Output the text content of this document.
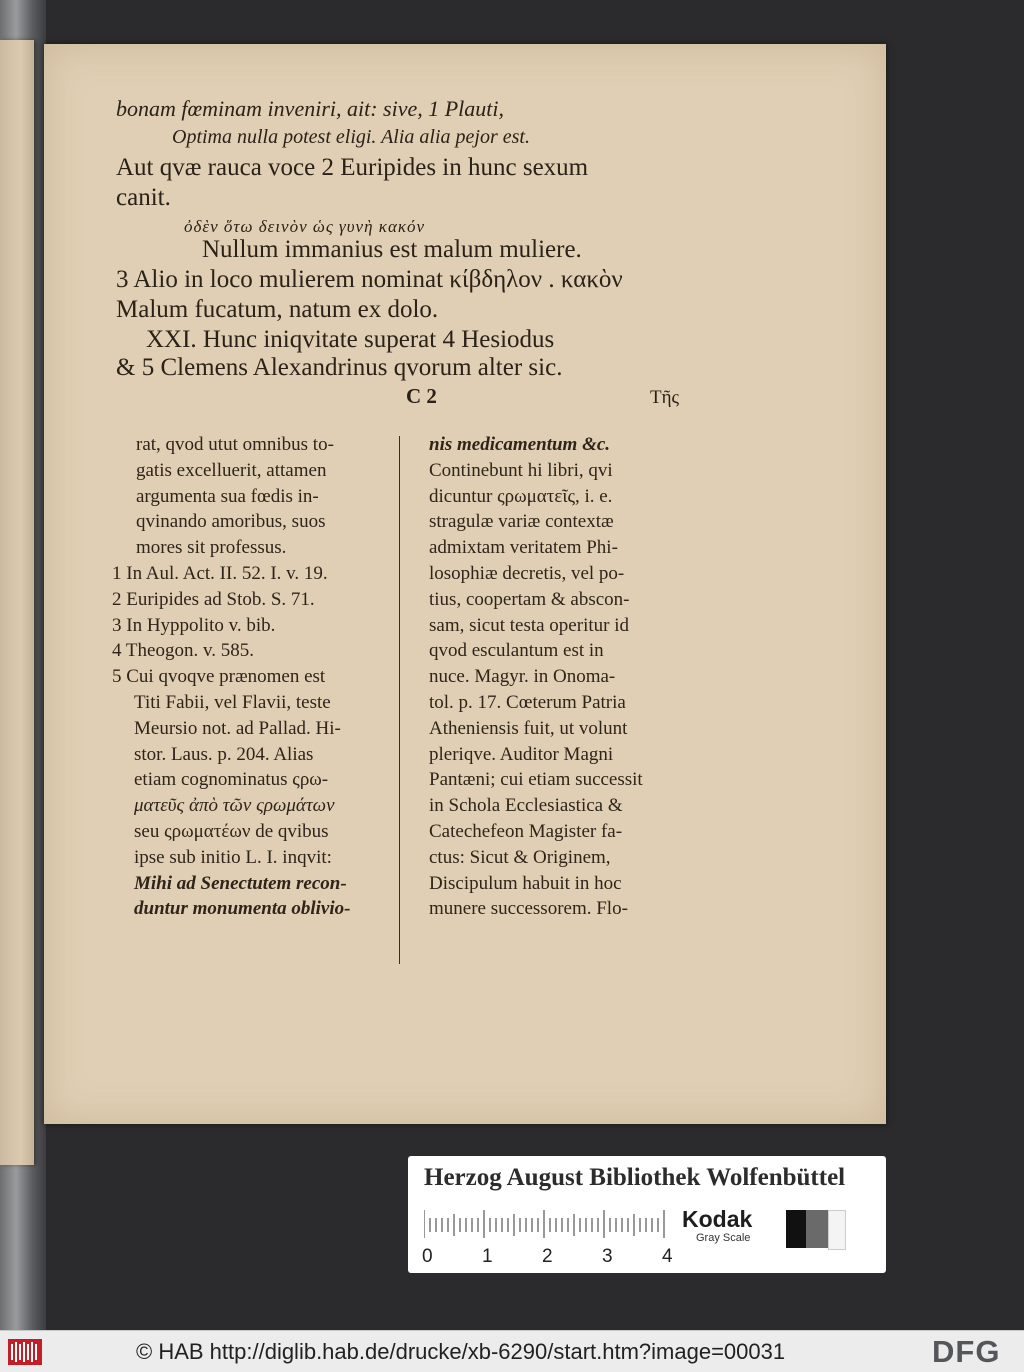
bonam fœminam inveniri, ait: sive, 1 Plauti,
Optima nulla potest eligi. Alia alia pejor est.
Aut qvæ rauca voce 2 Euripides in hunc sexum
canit.
ὀδὲν ὅτω δεινὸν ὡς γυνὴ κακόν
Nullum immanius est malum muliere.
3 Alio in loco mulierem nominat κίβδηλον . κακὸν
Malum fucatum, natum ex dolo.
XXI. Hunc iniqvitate superat 4 Hesiodus
& 5 Clemens Alexandrinus qvorum alter sic.
C 2	Τῆς
rat, qvod utut omnibus to-
gatis excelluerit, attamen
argumenta sua fœdis in-
qvinando amoribus, suos
mores sit professus.
1 In Aul. Act. II. 52. I. v. 19.
2 Euripides ad Stob. S. 71.
3 In Hyppolito v. bib.
4 Theogon. v. 585.
5 Cui qvoqve prænomen est
Titi Fabii, vel Flavii, teste
Meursio not. ad Pallad. Hi-
stor. Laus. p. 204. Alias
etiam cognominatus ςρω-
ματεῦς ἀπὸ τῶν ςρωμάτων
seu ςρωματέων de qvibus
ipse sub initio L. I. inqvit:
Mihi ad Senectutem recon-
duntur monumenta oblivio-
nis medicamentum &c.
Continebunt hi libri, qvi
dicuntur ςρωματεῖς, i. e.
stragulæ variæ contextæ
admixtam veritatem Phi-
losophiæ decretis, vel po-
tius, coopertam & abscon-
sam, sicut testa operitur id
qvod esculantum est in
nuce. Magyr. in Onoma-
tol. p. 17. Cœterum Patria
Atheniensis fuit, ut volunt
pleriqve. Auditor Magni
Pantæni; cui etiam successit
in Schola Ecclesiastica &
Catechefeon Magister fa-
ctus: Sicut & Originem,
Discipulum habuit in hoc
munere successorem. Flo-
Herzog August Bibliothek Wolfenbüttel
0	1	2	3	4
Kodak
Gray Scale
© HAB http://diglib.hab.de/drucke/xb-6290/start.htm?image=00031	DFG
